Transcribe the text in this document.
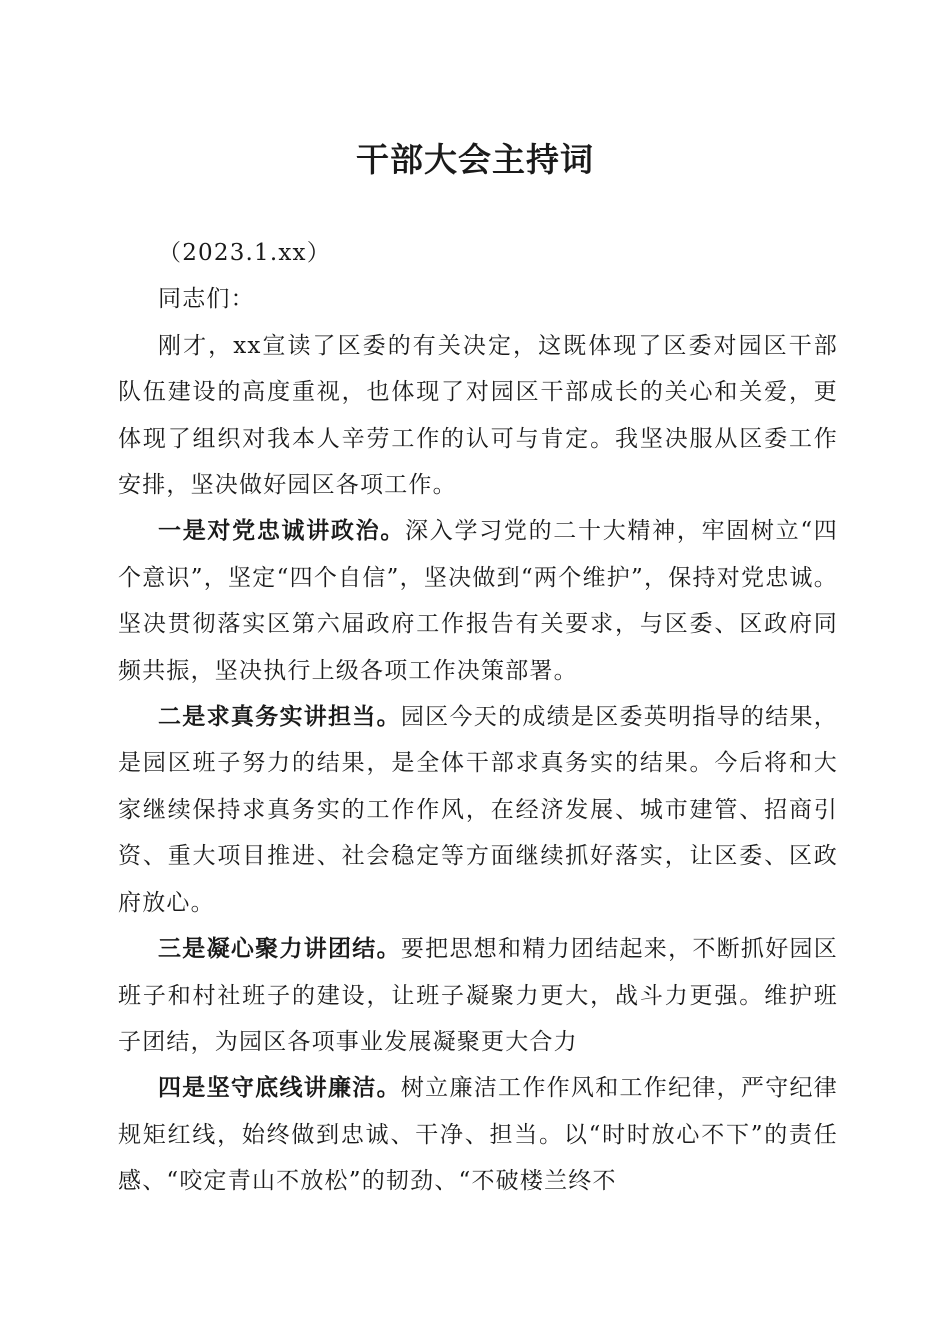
干部大会主持词

（2023.1.xx）

同志们：

刚才，xx宣读了区委的有关决定，这既体现了区委对园区干部队伍建设的高度重视，也体现了对园区干部成长的关心和关爱，更体现了组织对我本人辛劳工作的认可与肯定。我坚决服从区委工作安排，坚决做好园区各项工作。

一是对党忠诚讲政治。深入学习党的二十大精神，牢固树立“四个意识”，坚定“四个自信”，坚决做到“两个维护”，保持对党忠诚。坚决贯彻落实区第六届政府工作报告有关要求，与区委、区政府同频共振，坚决执行上级各项工作决策部署。

二是求真务实讲担当。园区今天的成绩是区委英明指导的结果，是园区班子努力的结果，是全体干部求真务实的结果。今后将和大家继续保持求真务实的工作作风，在经济发展、城市建管、招商引资、重大项目推进、社会稳定等方面继续抓好落实，让区委、区政府放心。

三是凝心聚力讲团结。要把思想和精力团结起来，不断抓好园区班子和村社班子的建设，让班子凝聚力更大，战斗力更强。维护班子团结，为园区各项事业发展凝聚更大合力

四是坚守底线讲廉洁。树立廉洁工作作风和工作纪律，严守纪律规矩红线，始终做到忠诚、干净、担当。以“时时放心不下”的责任感、“咬定青山不放松”的韧劲、“不破楼兰终不
